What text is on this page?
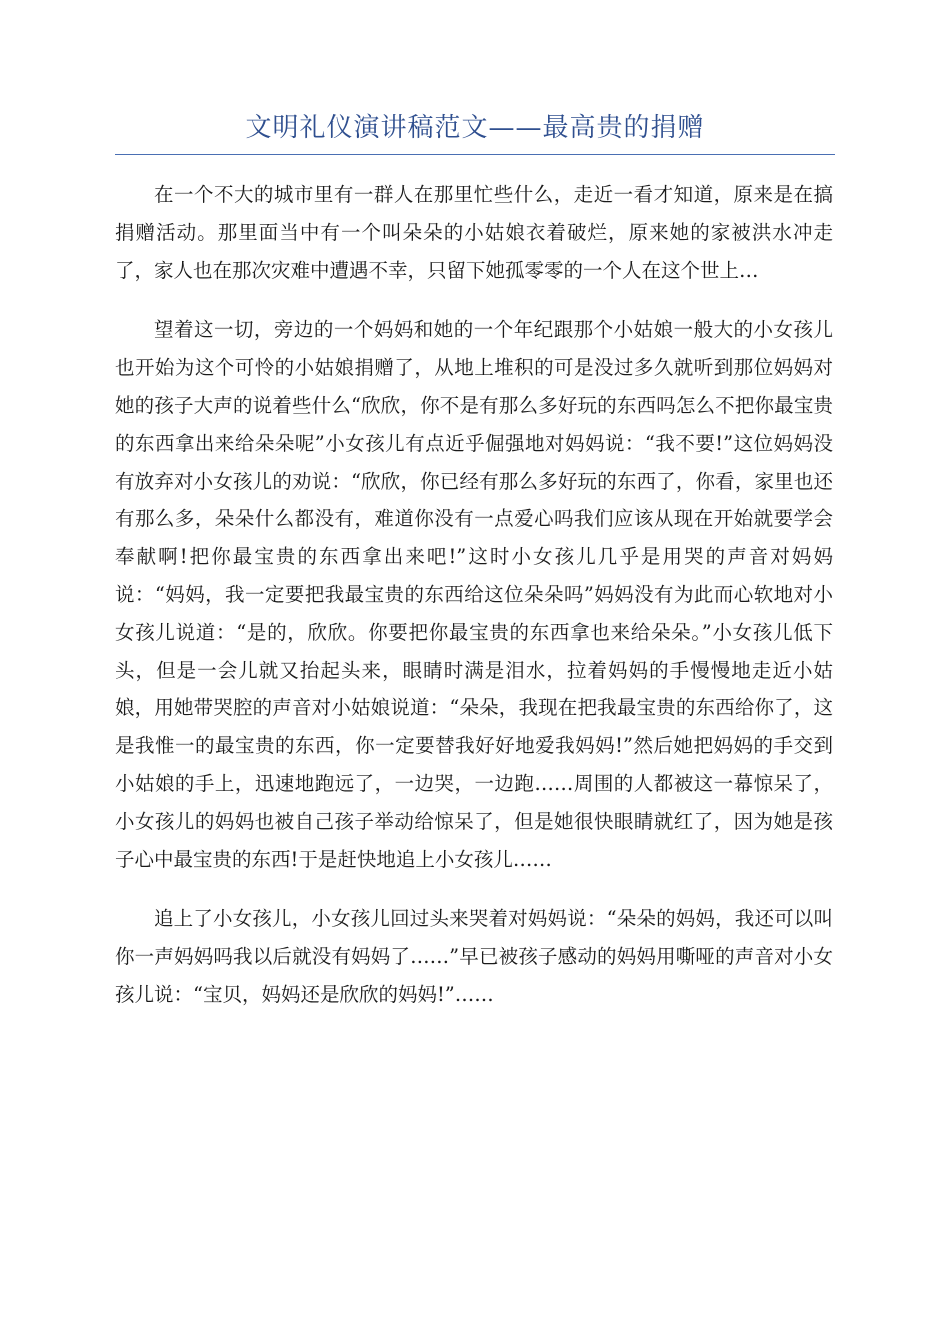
文明礼仪演讲稿范文——最高贵的捐赠

在一个不大的城市里有一群人在那里忙些什么，走近一看才知道，原来是在搞捐赠活动。那里面当中有一个叫朵朵的小姑娘衣着破烂，原来她的家被洪水冲走了，家人也在那次灾难中遭遇不幸，只留下她孤零零的一个人在这个世上…

望着这一切，旁边的一个妈妈和她的一个年纪跟那个小姑娘一般大的小女孩儿也开始为这个可怜的小姑娘捐赠了，从地上堆积的可是没过多久就听到那位妈妈对她的孩子大声的说着些什么“欣欣，你不是有那么多好玩的东西吗怎么不把你最宝贵的东西拿出来给朵朵呢”小女孩儿有点近乎倔强地对妈妈说：“我不要!”这位妈妈没有放弃对小女孩儿的劝说：“欣欣，你已经有那么多好玩的东西了，你看，家里也还有那么多，朵朵什么都没有，难道你没有一点爱心吗我们应该从现在开始就要学会奉献啊!把你最宝贵的东西拿出来吧!”这时小女孩儿几乎是用哭的声音对妈妈说：“妈妈，我一定要把我最宝贵的东西给这位朵朵吗”妈妈没有为此而心软地对小女孩儿说道：“是的，欣欣。你要把你最宝贵的东西拿也来给朵朵。”小女孩儿低下头，但是一会儿就又抬起头来，眼睛时满是泪水，拉着妈妈的手慢慢地走近小姑娘，用她带哭腔的声音对小姑娘说道：“朵朵，我现在把我最宝贵的东西给你了，这是我惟一的最宝贵的东西，你一定要替我好好地爱我妈妈!”然后她把妈妈的手交到小姑娘的手上，迅速地跑远了，一边哭，一边跑……周围的人都被这一幕惊呆了，小女孩儿的妈妈也被自己孩子举动给惊呆了，但是她很快眼睛就红了，因为她是孩子心中最宝贵的东西!于是赶快地追上小女孩儿……

追上了小女孩儿，小女孩儿回过头来哭着对妈妈说：“朵朵的妈妈，我还可以叫你一声妈妈吗我以后就没有妈妈了……”早已被孩子感动的妈妈用嘶哑的声音对小女孩儿说：“宝贝，妈妈还是欣欣的妈妈!”……
